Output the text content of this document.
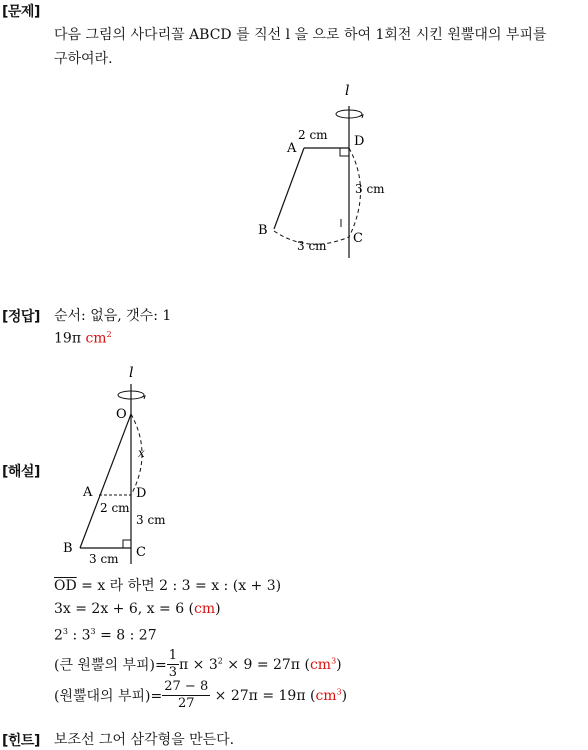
[문제]
다음 그림의 사다리꼴 ABCD 를 직선 l 을 으로 하여 1회전 시킨 원뿔대의 부피를
구하여라.
l
A	D
B
C
2 cm
3 cm
3 cm
[정답] 순서: 없음, 갯수: 1
19π $cm^2$
[해설]
l
O
x
A	D
2 cm
3 cm
B	C
3 cm
$\overline{OD} = x$ 라 하면 2 : 3 = x : (x + 3)
3x = 2x + 6, x = 6 (cm)
$2^3$ : $3^3 = 8$ : 27
(큰 원뿔의 부피)= $\frac{1}{3}$ $\pi \times 3^2 \times 9 = 27\pi$ $(cm^3)$
(원뿔대의 부피)= $\frac{27 - 8}{27} \times 27\pi = 19\pi$ $(cm^3)$
[힌트] 보조선 그어 삼각형을 만든다.
